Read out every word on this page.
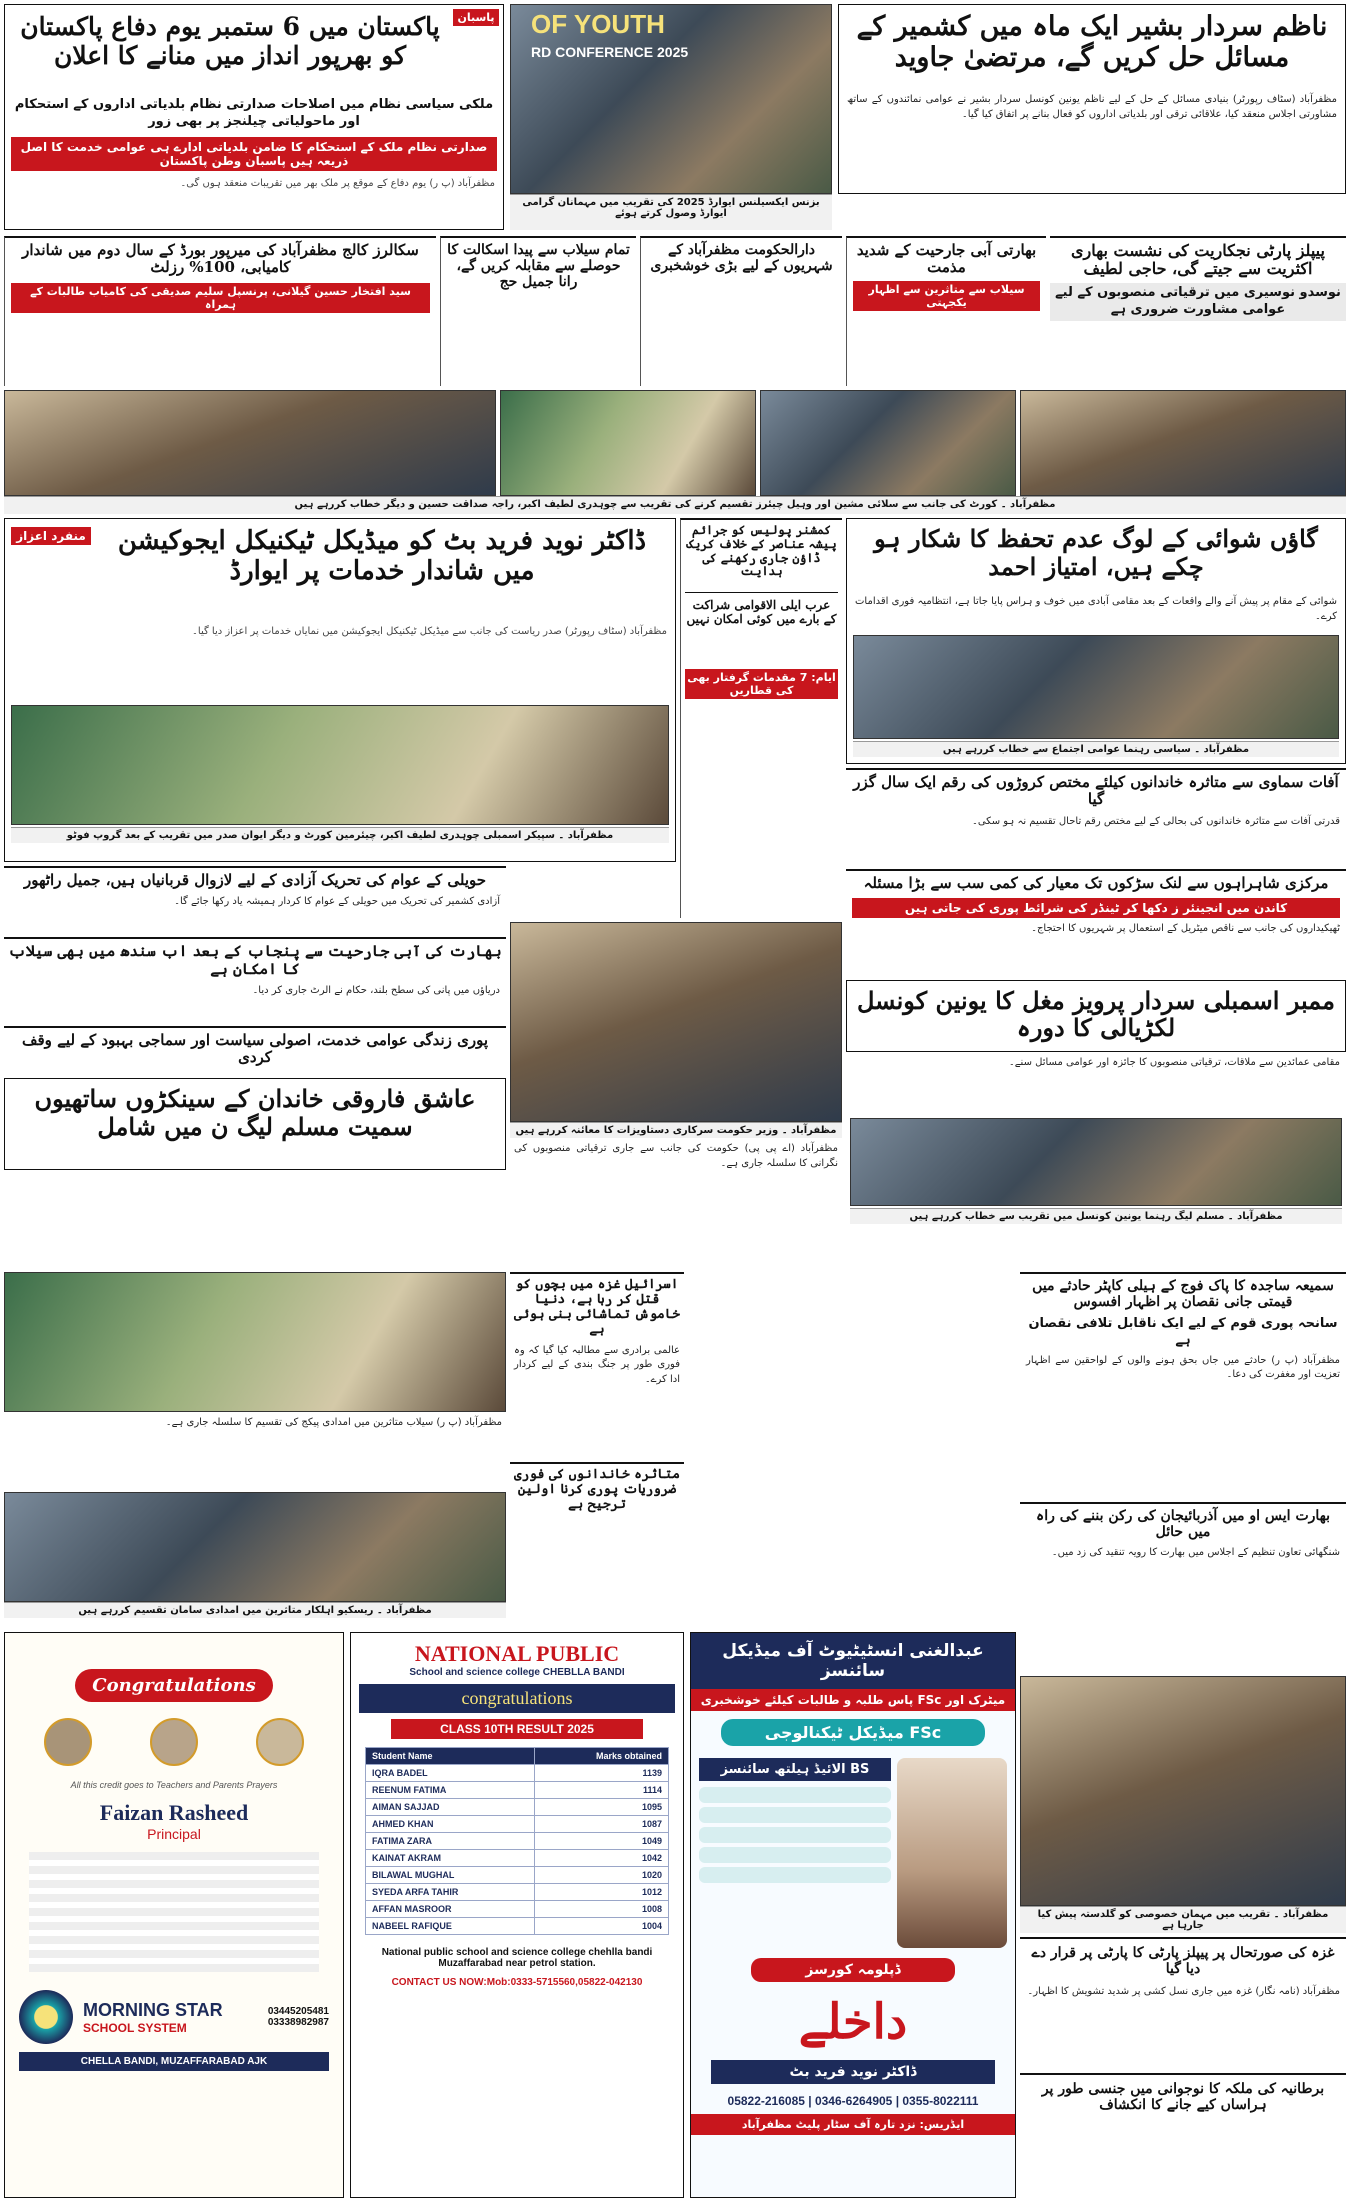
ناظم سردار بشیر ایک ماہ میں کشمیر کے مسائل حل کریں گے، مرتضیٰ جاوید
مظفرآباد (سٹاف رپورٹر) بنیادی مسائل کے حل کے لیے ناظم یونین کونسل سردار بشیر نے عوامی نمائندوں کے ساتھ مشاورتی اجلاس منعقد کیا، علاقائی ترقی اور بلدیاتی اداروں کو فعال بنانے پر اتفاق کیا گیا۔
OF YOUTH
RD CONFERENCE 2025
بزنس ایکسیلنس ایوارڈ 2025 کی تقریب میں مہمانان گرامی ایوارڈ وصول کرتے ہوئے
پاسبان
پاکستان میں 6 ستمبر یوم دفاع پاکستان کو بھرپور انداز میں منانے کا اعلان
ملکی سیاسی نظام میں اصلاحات صدارتی نظام بلدیاتی اداروں کے استحکام اور ماحولیاتی چیلنجز پر بھی زور
صدارتی نظام ملک کے استحکام کا ضامن بلدیاتی ادارے ہی عوامی خدمت کا اصل ذریعہ ہیں پاسبان وطن پاکستان
مظفرآباد (پ ر) یوم دفاع کے موقع پر ملک بھر میں تقریبات منعقد ہوں گی۔
پیپلز پارٹی نجکاریت کی نشست بھاری اکثریت سے جیتے گی، حاجی لطیف
نوسدو نوسیری میں ترقیاتی منصوبوں کے لیے عوامی مشاورت ضروری ہے
بھارتی آبی جارحیت کے شدید مذمت
سیلاب سے متاثرین سے اظہار یکجہتی
دارالحکومت مظفرآباد کے شہریوں کے لیے بڑی خوشخبری
تمام سیلاب سے پیدا اسکالت کا حوصلے سے مقابلہ کریں گے، رانا جمیل حج
سکالرز کالج مظفرآباد کی میرپور بورڈ کے سال دوم میں شاندار کامیابی، 100% رزلٹ
سید افتخار حسین گیلانی، پرنسپل سلیم صدیقی کی کامیاب طالبات کے ہمراہ
مظفرآباد ۔ کورٹ کی جانب سے سلائی مشین اور وہیل چیئرز تقسیم کرنے کی تقریب سے چوہدری لطیف اکبر، راجہ صداقت حسین و دیگر خطاب کررہے ہیں
گاؤں شوائی کے لوگ عدم تحفظ کا شکار ہو چکے ہیں، امتیاز احمد
شوائی کے مقام پر پیش آنے والے واقعات کے بعد مقامی آبادی میں خوف و ہراس پایا جاتا ہے، انتظامیہ فوری اقدامات کرے۔
مظفرآباد ۔ سیاسی رہنما عوامی اجتماع سے خطاب کررہے ہیں
کمشنر پولیس کو جرائم پیشہ عناصر کے خلاف کریک ڈاؤن جاری رکھنے کی ہدایت
عرب ایلی الاقوامی شراکت کے بارے میں کوئی امکان نہیں
ایام: 7 مقدمات گرفتار بھی کی قطاریں
منفرد اعزاز	ڈاکٹر نوید فرید بٹ کو میڈیکل ٹیکنیکل ایجوکیشن میں شاندار خدمات پر ایوارڈ
مظفرآباد (سٹاف رپورٹر) صدر ریاست کی جانب سے میڈیکل ٹیکنیکل ایجوکیشن میں نمایاں خدمات پر اعزاز دیا گیا۔
مظفرآباد ۔ سپیکر اسمبلی چوہدری لطیف اکبر، چیئرمین کورٹ و دیگر ایوان صدر میں تقریب کے بعد گروپ فوٹو
آفات سماوی سے متاثرہ خاندانوں کیلئے مختص کروڑوں کی رقم ایک سال گزر گیا
قدرتی آفات سے متاثرہ خاندانوں کی بحالی کے لیے مختص رقم تاحال تقسیم نہ ہو سکی۔
مرکزی شاہراہوں سے لنک سڑکوں تک معیار کی کمی سب سے بڑا مسئلہ
کاندن میں انجینئر ز دکھا کر ٹینڈر کی شرائط پوری کی جاتی ہیں
ٹھیکیداروں کی جانب سے ناقص میٹریل کے استعمال پر شہریوں کا احتجاج۔
ممبر اسمبلی سردار پرویز مغل کا یونین کونسل لکڑیالی کا دورہ
مقامی عمائدین سے ملاقات، ترقیاتی منصوبوں کا جائزہ اور عوامی مسائل سنے۔
مظفرآباد ۔ مسلم لیگ رہنما یونین کونسل میں تقریب سے خطاب کررہے ہیں
مظفرآباد ۔ وزیر حکومت سرکاری دستاویزات کا معائنہ کررہے ہیں
مظفرآباد (اے پی پی) حکومت کی جانب سے جاری ترقیاتی منصوبوں کی نگرانی کا سلسلہ جاری ہے۔
حویلی کے عوام کی تحریک آزادی کے لیے لازوال قربانیاں ہیں، جمیل راٹھور
آزادی کشمیر کی تحریک میں حویلی کے عوام کا کردار ہمیشہ یاد رکھا جائے گا۔
بھارت کی آبی جارحیت سے پنجاب کے بعد اب سندھ میں بھی سیلاب کا امکان ہے
دریاؤں میں پانی کی سطح بلند، حکام نے الرٹ جاری کر دیا۔
پوری زندگی عوامی خدمت، اصولی سیاست اور سماجی بہبود کے لیے وقف کردی
عاشق فاروقی خاندان کے سینکڑوں ساتھیوں سمیت مسلم لیگ ن میں شامل
سمیعہ ساجدہ کا پاک فوج کے ہیلی کاپٹر حادثے میں قیمتی جانی نقصان پر اظہار افسوس
سانحہ پوری قوم کے لیے ایک ناقابل تلافی نقصان ہے
مظفرآباد (پ ر) حادثے میں جاں بحق ہونے والوں کے لواحقین سے اظہار تعزیت اور مغفرت کی دعا۔
بھارت ایس او میں آذربائیجان کی رکن بننے کی راہ میں حائل
شنگھائی تعاون تنظیم کے اجلاس میں بھارت کا رویہ تنقید کی زد میں۔
عبدالغنی انسٹیٹیوٹ آف میڈیکل سائنسز
میٹرک اور FSc پاس طلبہ و طالبات کیلئے خوشخبری
FSc میڈیکل ٹیکنالوجی
BS الائیڈ ہیلتھ سائنسز
ڈپلومہ کورسز
داخلے
ڈاکٹر نوید فرید بٹ
05822-216085 | 0346-6264905 | 0355-8022111
ایڈریس: نزد تارہ آف سٹار پلیٹ مظفرآباد
اسرائیل غزہ میں بچوں کو قتل کر رہا ہے، دنیا خاموش تماشائی بنی ہوئی ہے
عالمی برادری سے مطالبہ کیا گیا کہ وہ فوری طور پر جنگ بندی کے لیے کردار ادا کرے۔
متاثرہ خاندانوں کی فوری ضروریات پوری کرنا اولین ترجیح ہے
مظفرآباد (پ ر) سیلاب متاثرین میں امدادی پیکج کی تقسیم کا سلسلہ جاری ہے۔
مظفرآباد ۔ ریسکیو اہلکار متاثرین میں امدادی سامان تقسیم کررہے ہیں
مظفرآباد ۔ تقریب میں مہمان خصوصی کو گلدستہ پیش کیا جارہا ہے
غزہ کی صورتحال پر پیپلز پارٹی کا پارٹی پر قرار دے دیا گیا
مظفرآباد (نامہ نگار) غزہ میں جاری نسل کشی پر شدید تشویش کا اظہار۔
برطانیہ کی ملکہ کا نوجوانی میں جنسی طور پر ہراساں کیے جانے کا انکشاف
NATIONAL PUBLIC
School and science college CHEBLLA BANDI
congratulations
CLASS 10TH RESULT 2025
Student Name	Marks obtained
IQRA BADEL	1139
REENUM FATIMA	1114
AIMAN SAJJAD	1095
AHMED KHAN	1087
FATIMA ZARA	1049
KAINAT AKRAM	1042
BILAWAL MUGHAL	1020
SYEDA ARFA TAHIR	1012
AFFAN MASROOR	1008
NABEEL RAFIQUE	1004
National public school and science college chehlla bandi Muzaffarabad near petrol station.
CONTACT US NOW:Mob:0333-5715560,05822-042130
Congratulations
All this credit goes to Teachers and Parents Prayers
Faizan Rasheed
Principal
MORNING STAR
SCHOOL SYSTEM
03445205481
03338982987
CHELLA BANDI, MUZAFFARABAD AJK
